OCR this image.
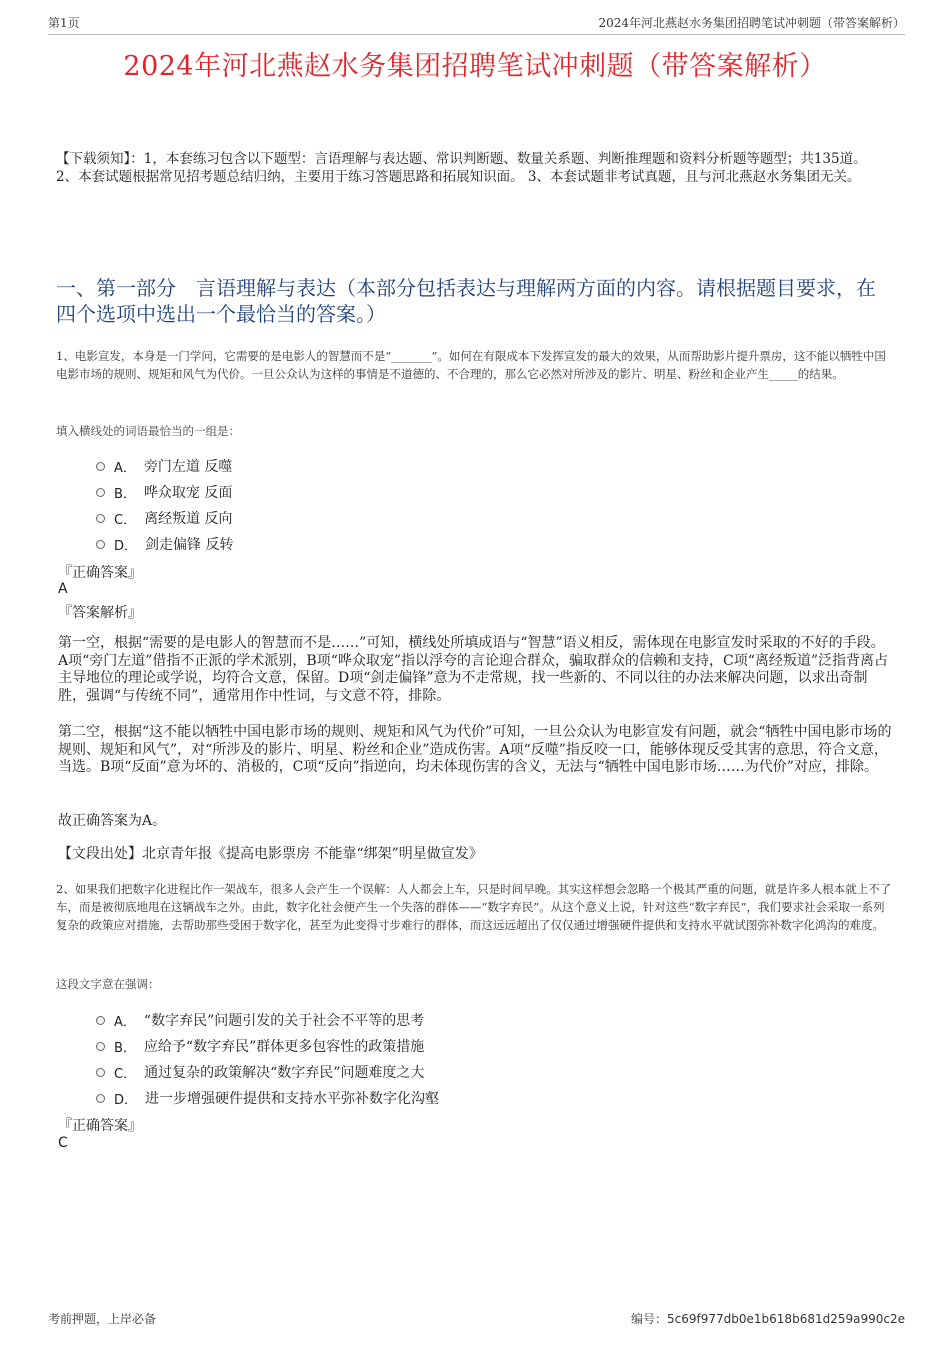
第1页	2024年河北燕赵水务集团招聘笔试冲刺题（带答案解析）
2024年河北燕赵水务集团招聘笔试冲刺题（带答案解析）
【下载须知】：1，本套练习包含以下题型：言语理解与表达题、常识判断题、数量关系题、判断推理题和资料分析题等题型；共135道。 2、本套试题根据常见招考题总结归纳，主要用于练习答题思路和拓展知识面。 3、本套试题非考试真题，且与河北燕赵水务集团无关。
一、第一部分　言语理解与表达（本部分包括表达与理解两方面的内容。请根据题目要求，在四个选项中选出一个最恰当的答案。）
1、电影宣发，本身是一门学问，它需要的是电影人的智慧而不是“_______”。如何在有限成本下发挥宣发的最大的效果，从而帮助影片提升票房，这不能以牺牲中国电影市场的规则、规矩和风气为代价。一旦公众认为这样的事情是不道德的、不合理的，那么它必然对所涉及的影片、明星、粉丝和企业产生_____的结果。
填入横线处的词语最恰当的一组是：
A． 旁门左道 反噬
B． 哗众取宠 反面
C． 离经叛道 反向
D． 剑走偏锋 反转
『正确答案』
A
『答案解析』
第一空，根据“需要的是电影人的智慧而不是……”可知，横线处所填成语与“智慧”语义相反，需体现在电影宣发时采取的不好的手段。A项“旁门左道”借指不正派的学术派别，B项“哗众取宠”指以浮夸的言论迎合群众，骗取群众的信赖和支持，C项“离经叛道”泛指背离占主导地位的理论或学说，均符合文意，保留。D项“剑走偏锋”意为不走常规，找一些新的、不同以往的办法来解决问题，以求出奇制胜，强调“与传统不同”，通常用作中性词，与文意不符，排除。
第二空，根据“这不能以牺牲中国电影市场的规则、规矩和风气为代价”可知，一旦公众认为电影宣发有问题，就会“牺牲中国电影市场的规则、规矩和风气”，对“所涉及的影片、明星、粉丝和企业”造成伤害。A项“反噬”指反咬一口，能够体现反受其害的意思，符合文意，当选。B项“反面”意为坏的、消极的，C项“反向”指逆向，均未体现伤害的含义，无法与“牺牲中国电影市场……为代价”对应，排除。
故正确答案为A。
【文段出处】北京青年报《提高电影票房 不能靠“绑架”明星做宣发》
2、如果我们把数字化进程比作一架战车，很多人会产生一个误解：人人都会上车，只是时间早晚。其实这样想会忽略一个极其严重的问题，就是许多人根本就上不了车，而是被彻底地甩在这辆战车之外。由此，数字化社会便产生一个失落的群体——“数字弃民”。从这个意义上说，针对这些“数字弃民”，我们要求社会采取一系列复杂的政策应对措施，去帮助那些受困于数字化，甚至为此变得寸步难行的群体，而这远远超出了仅仅通过增强硬件提供和支持水平就试图弥补数字化鸿沟的难度。
这段文字意在强调：
A． “数字弃民”问题引发的关于社会不平等的思考
B． 应给予“数字弃民”群体更多包容性的政策措施
C． 通过复杂的政策解决“数字弃民”问题难度之大
D． 进一步增强硬件提供和支持水平弥补数字化沟壑
『正确答案』
C
考前押题，上岸必备	编号：5c69f977db0e1b618b681d259a990c2e
